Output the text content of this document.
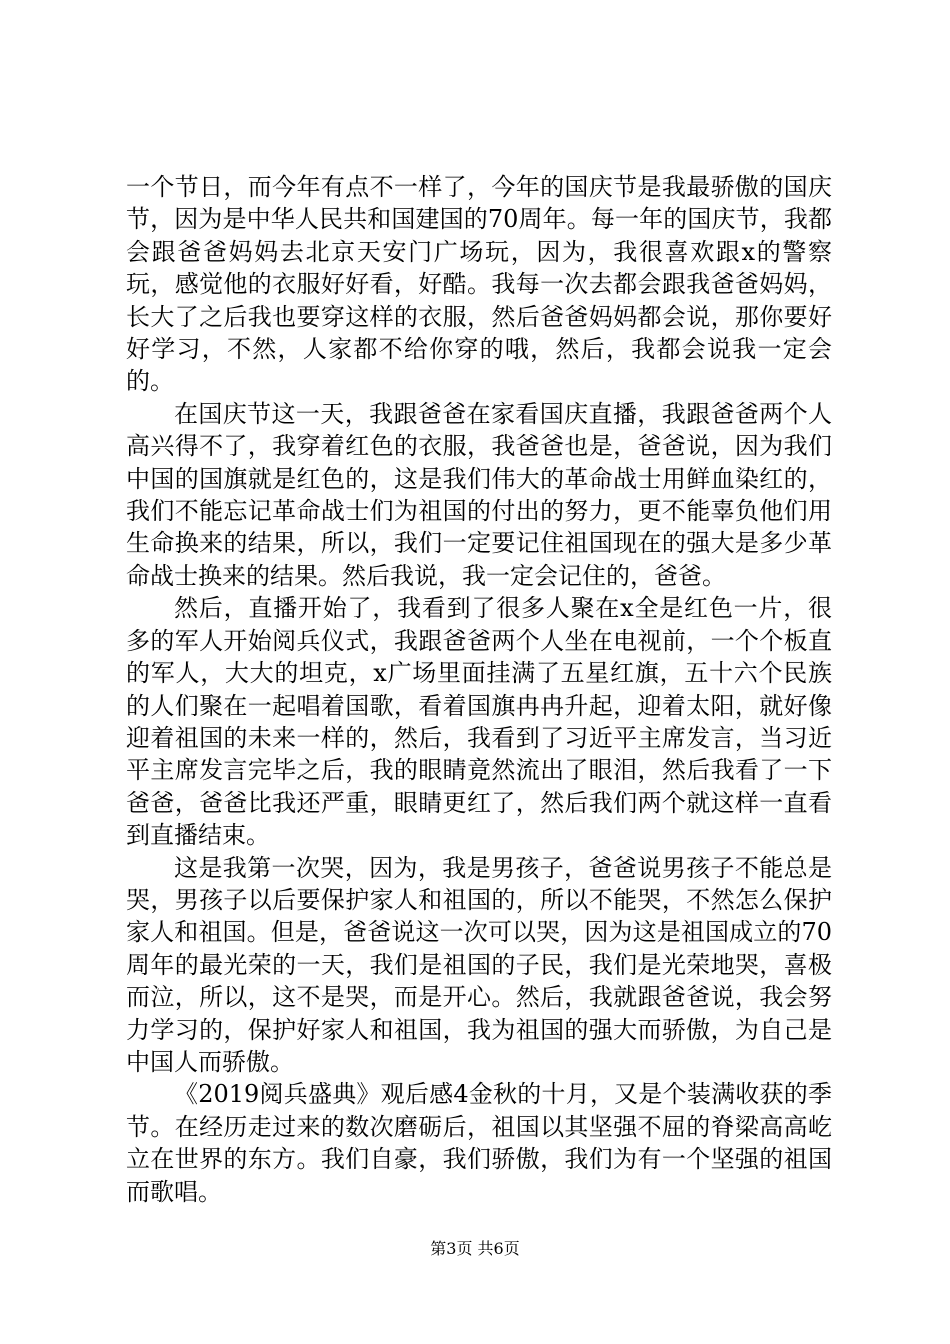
一个节日，而今年有点不一样了，今年的国庆节是我最骄傲的国庆节，因为是中华人民共和国建国的70周年。每一年的国庆节，我都会跟爸爸妈妈去北京天安门广场玩，因为，我很喜欢跟x的警察玩，感觉他的衣服好好看，好酷。我每一次去都会跟我爸爸妈妈，长大了之后我也要穿这样的衣服，然后爸爸妈妈都会说，那你要好好学习，不然，人家都不给你穿的哦，然后，我都会说我一定会的。

在国庆节这一天，我跟爸爸在家看国庆直播，我跟爸爸两个人高兴得不了，我穿着红色的衣服，我爸爸也是，爸爸说，因为我们中国的国旗就是红色的，这是我们伟大的革命战士用鲜血染红的，我们不能忘记革命战士们为祖国的付出的努力，更不能辜负他们用生命换来的结果，所以，我们一定要记住祖国现在的强大是多少革命战士换来的结果。然后我说，我一定会记住的，爸爸。

然后，直播开始了，我看到了很多人聚在x全是红色一片，很多的军人开始阅兵仪式，我跟爸爸两个人坐在电视前，一个个板直的军人，大大的坦克，x广场里面挂满了五星红旗，五十六个民族的人们聚在一起唱着国歌，看着国旗冉冉升起，迎着太阳，就好像迎着祖国的未来一样的，然后，我看到了习近平主席发言，当习近平主席发言完毕之后，我的眼睛竟然流出了眼泪，然后我看了一下爸爸，爸爸比我还严重，眼睛更红了，然后我们两个就这样一直看到直播结束。

这是我第一次哭，因为，我是男孩子，爸爸说男孩子不能总是哭，男孩子以后要保护家人和祖国的，所以不能哭，不然怎么保护家人和祖国。但是，爸爸说这一次可以哭，因为这是祖国成立的70周年的最光荣的一天，我们是祖国的子民，我们是光荣地哭，喜极而泣，所以，这不是哭，而是开心。然后，我就跟爸爸说，我会努力学习的，保护好家人和祖国，我为祖国的强大而骄傲，为自己是中国人而骄傲。

《2019阅兵盛典》观后感4金秋的十月，又是个装满收获的季节。在经历走过来的数次磨砺后，祖国以其坚强不屈的脊梁高高屹立在世界的东方。我们自豪，我们骄傲，我们为有一个坚强的祖国而歌唱。

第3页 共6页
